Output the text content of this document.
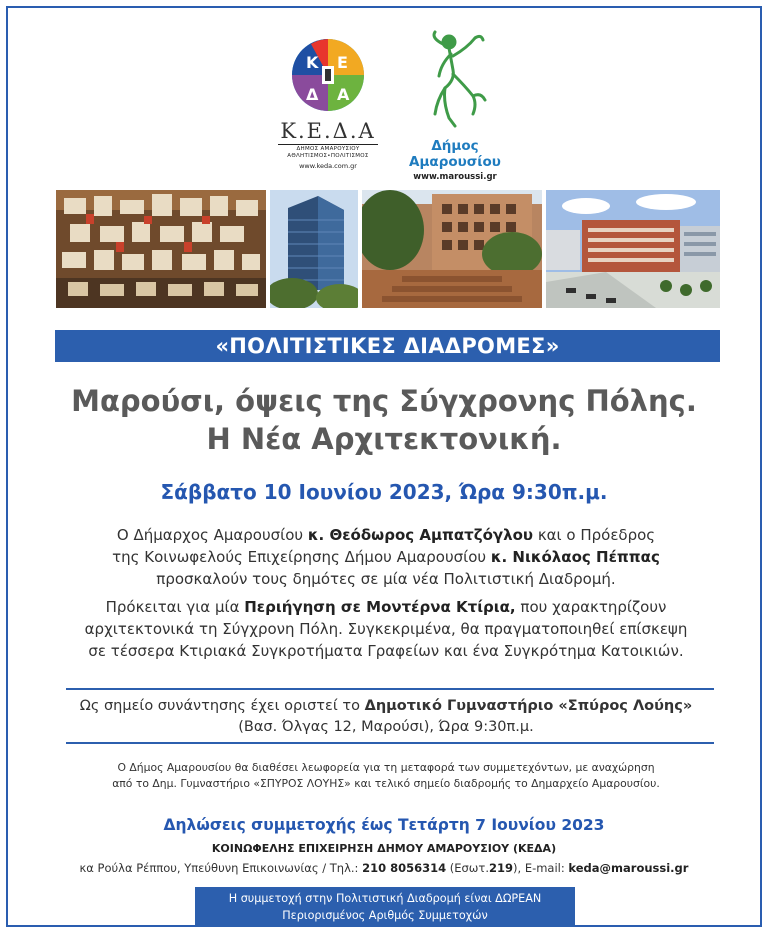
Κ Ε
Δ Α
Κ.Ε.Δ.Α
ΔΗΜΟΣ ΑΜΑΡΟΥΣΙΟΥ
ΑΘΛΗΤΙΣΜΟΣ•ΠΟΛΙΤΙΣΜΟΣ
www.keda.com.gr
Δήμος Αμαρουσίου
www.maroussi.gr
«ΠΟΛΙΤΙΣΤΙΚΕΣ ΔΙΑΔΡΟΜΕΣ»
Μαρούσι, όψεις της Σύγχρονης Πόλης.
Η Νέα Αρχιτεκτονική.
Σάββατο 10 Ιουνίου 2023, Ώρα 9:30π.μ.
Ο Δήμαρχος Αμαρουσίου κ. Θεόδωρος Αμπατζόγλου και ο Πρόεδρος
της Κοινωφελούς Επιχείρησης Δήμου Αμαρουσίου κ. Νικόλαος Πέππας
προσκαλούν τους δημότες σε μία νέα Πολιτιστική Διαδρομή.
Πρόκειται για μία Περιήγηση σε Μοντέρνα Κτίρια, που χαρακτηρίζουν
αρχιτεκτονικά τη Σύγχρονη Πόλη. Συγκεκριμένα, θα πραγματοποιηθεί επίσκεψη
σε τέσσερα Κτιριακά Συγκροτήματα Γραφείων και ένα Συγκρότημα Κατοικιών.
Ως σημείο συνάντησης έχει οριστεί το Δημοτικό Γυμναστήριο «Σπύρος Λούης»
(Βασ. Όλγας 12, Μαρούσι), Ώρα 9:30π.μ.
Ο Δήμος Αμαρουσίου θα διαθέσει λεωφορεία για τη μεταφορά των συμμετεχόντων, με αναχώρηση
από το Δημ. Γυμναστήριο «ΣΠΥΡΟΣ ΛΟΥΗΣ» και τελικό σημείο διαδρομής το Δημαρχείο Αμαρουσίου.
Δηλώσεις συμμετοχής έως Τετάρτη 7 Ιουνίου 2023
ΚΟΙΝΩΦΕΛΗΣ ΕΠΙΧΕΙΡΗΣΗ ΔΗΜΟΥ ΑΜΑΡΟΥΣΙΟΥ (ΚΕΔΑ)
κα Ρούλα Ρέππου, Υπεύθυνη Επικοινωνίας / Τηλ.: 210 8056314 (Εσωτ.219), E-mail: keda@maroussi.gr
Η συμμετοχή στην Πολιτιστική Διαδρομή είναι ΔΩΡΕΑΝ
Περιορισμένος Αριθμός Συμμετοχών
